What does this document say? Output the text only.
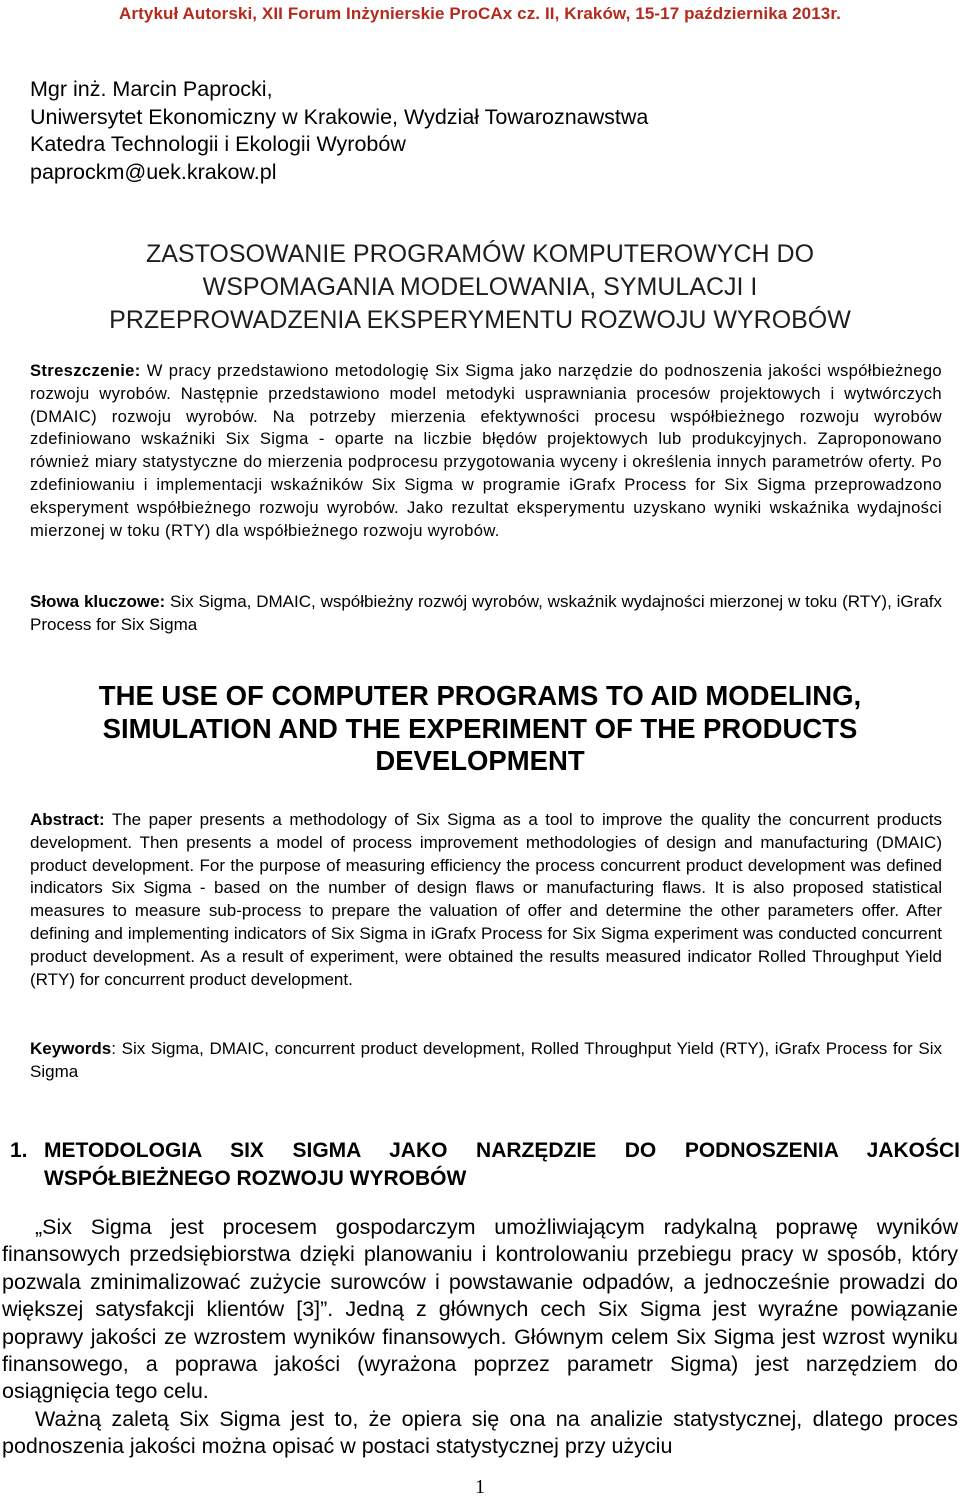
Artykuł Autorski, XII Forum Inżynierskie ProCAx cz. II, Kraków, 15-17 października 2013r.
Mgr inż. Marcin Paprocki,
Uniwersytet Ekonomiczny w Krakowie, Wydział Towaroznawstwa
Katedra Technologii i Ekologii Wyrobów
paprockm@uek.krakow.pl
ZASTOSOWANIE PROGRAMÓW KOMPUTEROWYCH DO
WSPOMAGANIA MODELOWANIA, SYMULACJI I
PRZEPROWADZENIA EKSPERYMENTU ROZWOJU WYROBÓW
Streszczenie: W pracy przedstawiono metodologię Six Sigma jako narzędzie do podnoszenia jakości współbieżnego rozwoju wyrobów. Następnie przedstawiono model metodyki usprawniania procesów projektowych i wytwórczych (DMAIC) rozwoju wyrobów. Na potrzeby mierzenia efektywności procesu współbieżnego rozwoju wyrobów zdefiniowano wskaźniki Six Sigma - oparte na liczbie błędów projektowych lub produkcyjnych. Zaproponowano również miary statystyczne do mierzenia podprocesu przygotowania wyceny i określenia innych parametrów oferty. Po zdefiniowaniu i implementacji wskaźników Six Sigma w programie iGrafx Process for Six Sigma przeprowadzono eksperyment współbieżnego rozwoju wyrobów. Jako rezultat eksperymentu uzyskano wyniki wskaźnika wydajności mierzonej w toku (RTY) dla współbieżnego rozwoju wyrobów.
Słowa kluczowe: Six Sigma, DMAIC, współbieżny rozwój wyrobów, wskaźnik wydajności mierzonej w toku (RTY), iGrafx Process for Six Sigma
THE USE OF COMPUTER PROGRAMS TO AID MODELING,
SIMULATION AND THE EXPERIMENT OF THE PRODUCTS
DEVELOPMENT
Abstract: The paper presents a methodology of Six Sigma as a tool to improve the quality the concurrent products development. Then presents a model of process improvement methodologies of design and manufacturing (DMAIC) product development. For the purpose of measuring efficiency the process concurrent product development was defined indicators Six Sigma - based on the number of design flaws or manufacturing flaws. It is also proposed statistical measures to measure sub-process to prepare the valuation of offer and determine the other parameters offer. After defining and implementing indicators of Six Sigma in iGrafx Process for Six Sigma experiment was conducted concurrent product development. As a result of experiment, were obtained the results measured indicator Rolled Throughput Yield (RTY) for concurrent product development.
Keywords: Six Sigma, DMAIC, concurrent product development, Rolled Throughput Yield (RTY), iGrafx Process for Six Sigma
1. METODOLOGIA SIX SIGMA JAKO NARZĘDZIE DO PODNOSZENIA JAKOŚCI
WSPÓŁBIEŻNEGO ROZWOJU WYROBÓW

„Six Sigma jest procesem gospodarczym umożliwiającym radykalną poprawę wyników finansowych przedsiębiorstwa dzięki planowaniu i kontrolowaniu przebiegu pracy w sposób, który pozwala zminimalizować zużycie surowców i powstawanie odpadów, a jednocześnie prowadzi do większej satysfakcji klientów [3]”. Jedną z głównych cech Six Sigma jest wyraźne powiązanie poprawy jakości ze wzrostem wyników finansowych. Głównym celem Six Sigma jest wzrost wyniku finansowego, a poprawa jakości (wyrażona poprzez parametr Sigma) jest narzędziem do osiągnięcia tego celu.

Ważną zaletą Six Sigma jest to, że opiera się ona na analizie statystycznej, dlatego proces podnoszenia jakości można opisać w postaci statystycznej przy użyciu

1
